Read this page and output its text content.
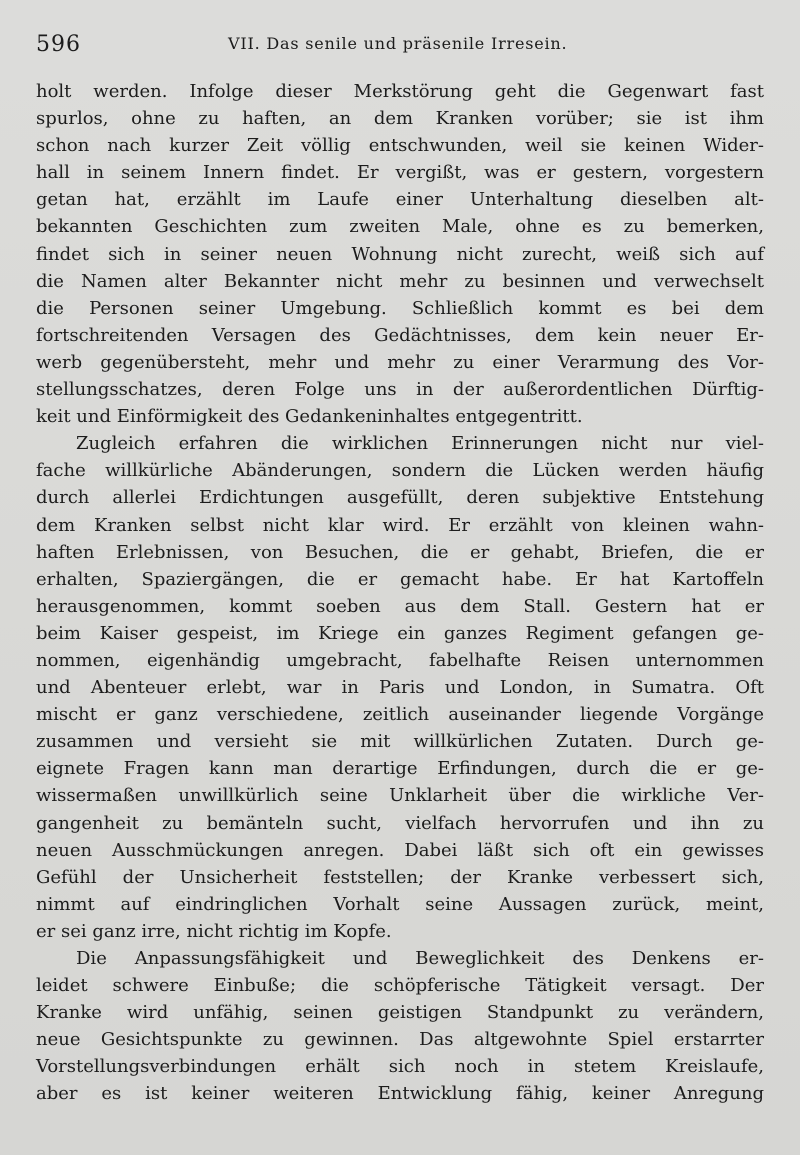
596	VII. Das senile und präsenile Irresein.
holt werden. Infolge dieser Merkstörung geht die Gegenwart fast
spurlos, ohne zu haften, an dem Kranken vorüber; sie ist ihm
schon nach kurzer Zeit völlig entschwunden, weil sie keinen Wider-
hall in seinem Innern findet. Er vergißt, was er gestern, vorgestern
getan hat, erzählt im Laufe einer Unterhaltung dieselben alt-
bekannten Geschichten zum zweiten Male, ohne es zu bemerken,
findet sich in seiner neuen Wohnung nicht zurecht, weiß sich auf
die Namen alter Bekannter nicht mehr zu besinnen und verwechselt
die Personen seiner Umgebung. Schließlich kommt es bei dem
fortschreitenden Versagen des Gedächtnisses, dem kein neuer Er-
werb gegenübersteht, mehr und mehr zu einer Verarmung des Vor-
stellungsschatzes, deren Folge uns in der außerordentlichen Dürftig-
keit und Einförmigkeit des Gedankeninhaltes entgegentritt.
Zugleich erfahren die wirklichen Erinnerungen nicht nur viel-
fache willkürliche Abänderungen, sondern die Lücken werden häufig
durch allerlei Erdichtungen ausgefüllt, deren subjektive Entstehung
dem Kranken selbst nicht klar wird. Er erzählt von kleinen wahn-
haften Erlebnissen, von Besuchen, die er gehabt, Briefen, die er
erhalten, Spaziergängen, die er gemacht habe. Er hat Kartoffeln
herausgenommen, kommt soeben aus dem Stall. Gestern hat er
beim Kaiser gespeist, im Kriege ein ganzes Regiment gefangen ge-
nommen, eigenhändig umgebracht, fabelhafte Reisen unternommen
und Abenteuer erlebt, war in Paris und London, in Sumatra. Oft
mischt er ganz verschiedene, zeitlich auseinander liegende Vorgänge
zusammen und versieht sie mit willkürlichen Zutaten. Durch ge-
eignete Fragen kann man derartige Erfindungen, durch die er ge-
wissermaßen unwillkürlich seine Unklarheit über die wirkliche Ver-
gangenheit zu bemänteln sucht, vielfach hervorrufen und ihn zu
neuen Ausschmückungen anregen. Dabei läßt sich oft ein gewisses
Gefühl der Unsicherheit feststellen; der Kranke verbessert sich,
nimmt auf eindringlichen Vorhalt seine Aussagen zurück, meint,
er sei ganz irre, nicht richtig im Kopfe.
Die Anpassungsfähigkeit und Beweglichkeit des Denkens er-
leidet schwere Einbuße; die schöpferische Tätigkeit versagt. Der
Kranke wird unfähig, seinen geistigen Standpunkt zu verändern,
neue Gesichtspunkte zu gewinnen. Das altgewohnte Spiel erstarrter
Vorstellungsverbindungen erhält sich noch in stetem Kreislaufe,
aber es ist keiner weiteren Entwicklung fähig, keiner Anregung
